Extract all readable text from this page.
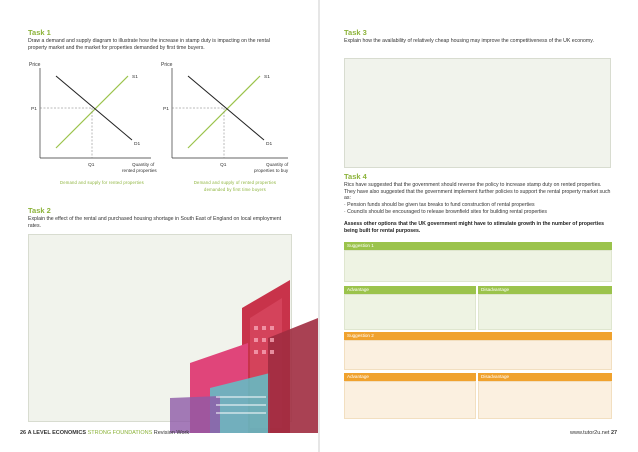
Task 1
Draw a demand and supply diagram to illustrate how the increase in stamp duty is impacting on the rental property market and the market for properties demanded by first time buyers.
Price
S1
D1
P1
Q1	Quantity of
rented properties
Demand and supply for rented properties
Price
S1
D1
P1
Q1	Quantity of
properties to buy
Demand and supply of rented properties
demanded by first time buyers
Task 2
Explain the effect of the rental and purchased housing shortage in South East of England on local employment rates.
26 A LEVEL ECONOMICS STRONG FOUNDATIONS Revision Work
Task 3
Explain how the availability of relatively cheap housing may improve the competitiveness of the UK economy.
Task 4
Rics have suggested that the government should reverse the policy to increase stamp duty on rented properties. They have also suggested that the government implement further policies to support the rental property market such as:
· Pension funds should be given tax breaks to fund construction of rental properties
· Councils should be encouraged to release brownfield sites for building rental properties
Assess other options that the UK government might have to stimulate growth in the number of properties being built for rental purposes.
Suggestion 1
Advantage	Disadvantage
Suggestion 2
Advantage	Disadvantage
www.tutor2u.net 27
